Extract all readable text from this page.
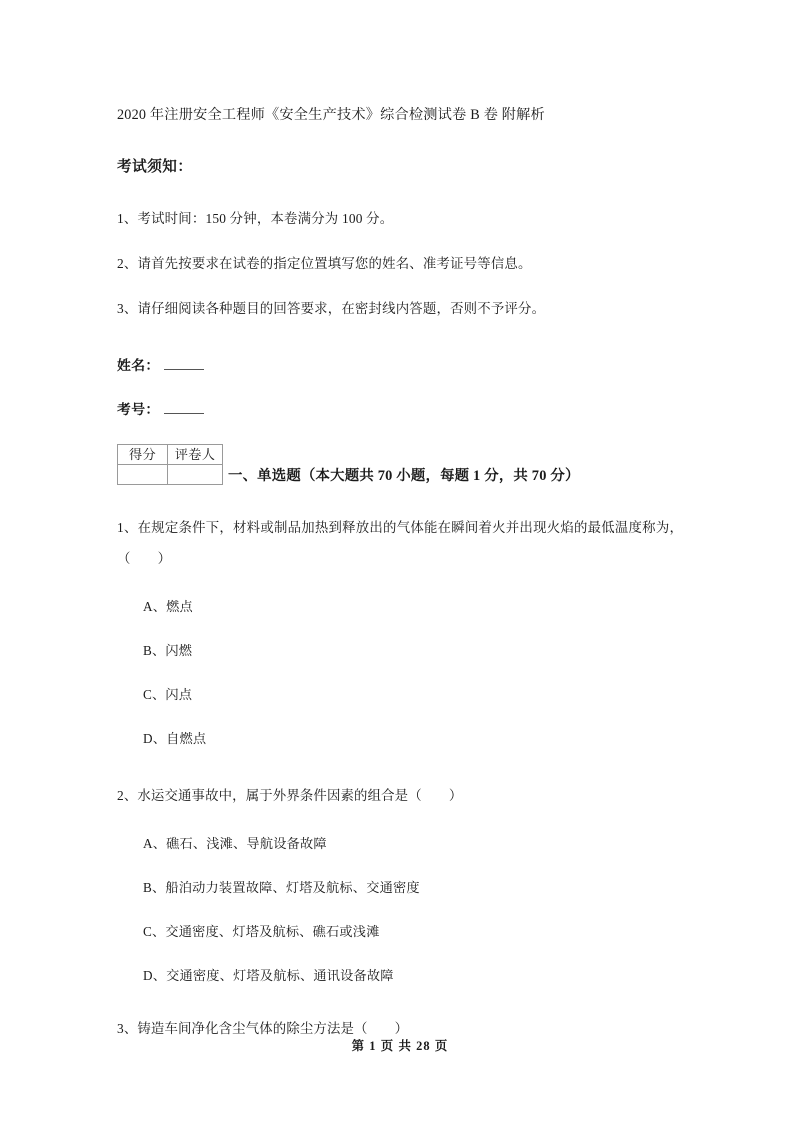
2020 年注册安全工程师《安全生产技术》综合检测试卷 B 卷 附解析
考试须知：
1、考试时间：150 分钟，本卷满分为 100 分。
2、请首先按要求在试卷的指定位置填写您的姓名、准考证号等信息。
3、请仔细阅读各种题目的回答要求，在密封线内答题，否则不予评分。
姓名：
考号：
得分	评卷人

一、单选题（本大题共 70 小题，每题 1 分，共 70 分）

1、在规定条件下，材料或制品加热到释放出的气体能在瞬间着火并出现火焰的最低温度称为，（　　）

A、燃点
B、闪燃
C、闪点
D、自燃点

2、水运交通事故中，属于外界条件因素的组合是（　　）

A、礁石、浅滩、导航设备故障
B、船泊动力装置故障、灯塔及航标、交通密度
C、交通密度、灯塔及航标、礁石或浅滩
D、交通密度、灯塔及航标、通讯设备故障

3、铸造车间净化含尘气体的除尘方法是（　　）

第 1 页 共 28 页
